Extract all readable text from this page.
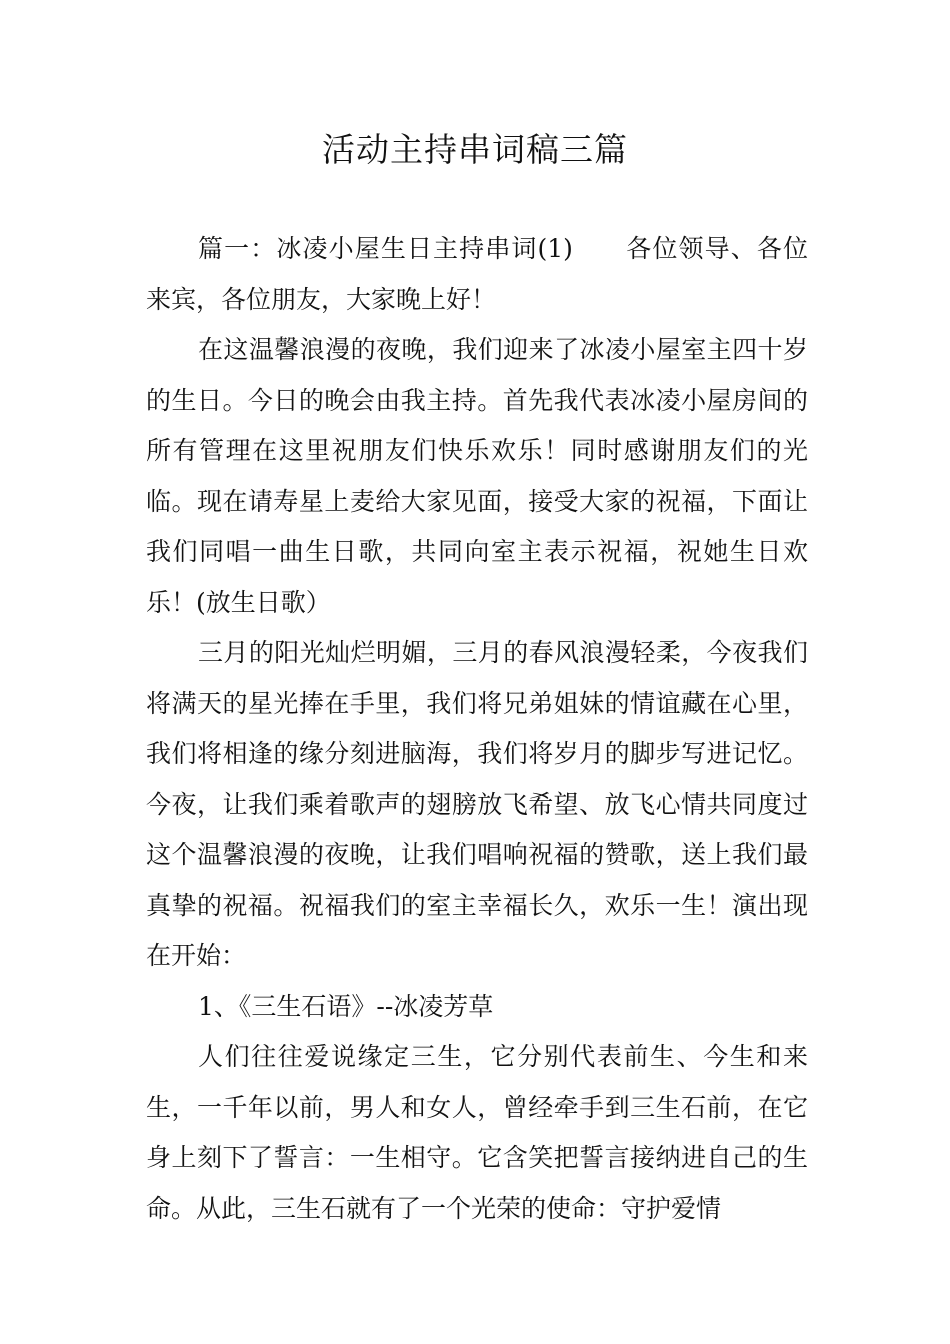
活动主持串词稿三篇

篇一：冰凌小屋生日主持串词(1)　　各位领导、各位来宾，各位朋友，大家晚上好！

在这温馨浪漫的夜晚，我们迎来了冰凌小屋室主四十岁的生日。今日的晚会由我主持。首先我代表冰凌小屋房间的所有管理在这里祝朋友们快乐欢乐！同时感谢朋友们的光临。现在请寿星上麦给大家见面，接受大家的祝福，下面让我们同唱一曲生日歌，共同向室主表示祝福，祝她生日欢乐！(放生日歌）

三月的阳光灿烂明媚，三月的春风浪漫轻柔，今夜我们将满天的星光捧在手里，我们将兄弟姐妹的情谊藏在心里，我们将相逢的缘分刻进脑海，我们将岁月的脚步写进记忆。今夜，让我们乘着歌声的翅膀放飞希望、放飞心情共同度过这个温馨浪漫的夜晚，让我们唱响祝福的赞歌，送上我们最真挚的祝福。祝福我们的室主幸福长久，欢乐一生！演出现在开始：

1、《三生石语》--冰凌芳草

人们往往爱说缘定三生，它分别代表前生、今生和来生，一千年以前，男人和女人，曾经牵手到三生石前，在它身上刻下了誓言：一生相守。它含笑把誓言接纳进自己的生命。从此，三生石就有了一个光荣的使命：守护爱情
